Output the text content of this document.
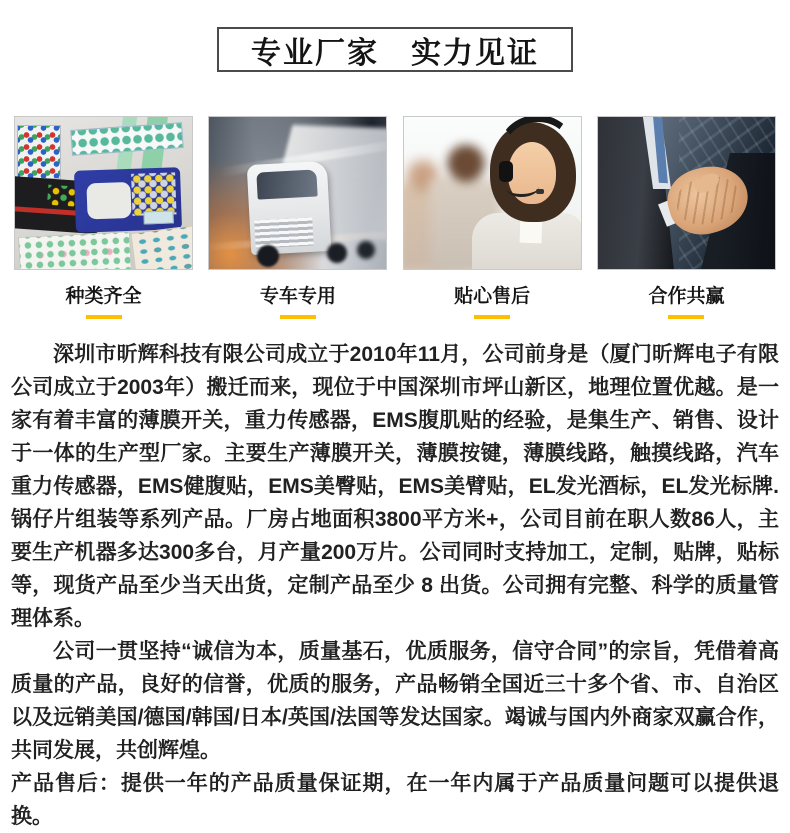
专业厂家　实力见证
种类齐全	专车专用	贴心售后	合作共赢

深圳市昕辉科技有限公司成立于2010年11月，公司前身是（厦门昕辉电子有限公司成立于2003年）搬迁而来，现位于中国深圳市坪山新区，地理位置优越。是一家有着丰富的薄膜开关，重力传感器，EMS腹肌贴的经验，是集生产、销售、设计于一体的生产型厂家。主要生产薄膜开关，薄膜按键，薄膜线路，触摸线路，汽车重力传感器，EMS健腹贴，EMS美臀贴，EMS美臂贴，EL发光酒标，EL发光标牌.锅仔片组装等系列产品。厂房占地面积3800平方米+，公司目前在职人数86人，主要生产机器多达300多台，月产量200万片。公司同时支持加工，定制，贴牌，贴标等，现货产品至少当天出货，定制产品至少 8 出货。公司拥有完整、科学的质量管理体系。

公司一贯坚持“诚信为本，质量基石，优质服务，信守合同”的宗旨，凭借着高质量的产品，良好的信誉，优质的服务，产品畅销全国近三十多个省、市、自治区以及远销美国/德国/韩国/日本/英国/法国等发达国家。竭诚与国内外商家双赢合作，共同发展，共创辉煌。

产品售后：提供一年的产品质量保证期，在一年内属于产品质量问题可以提供退换。
